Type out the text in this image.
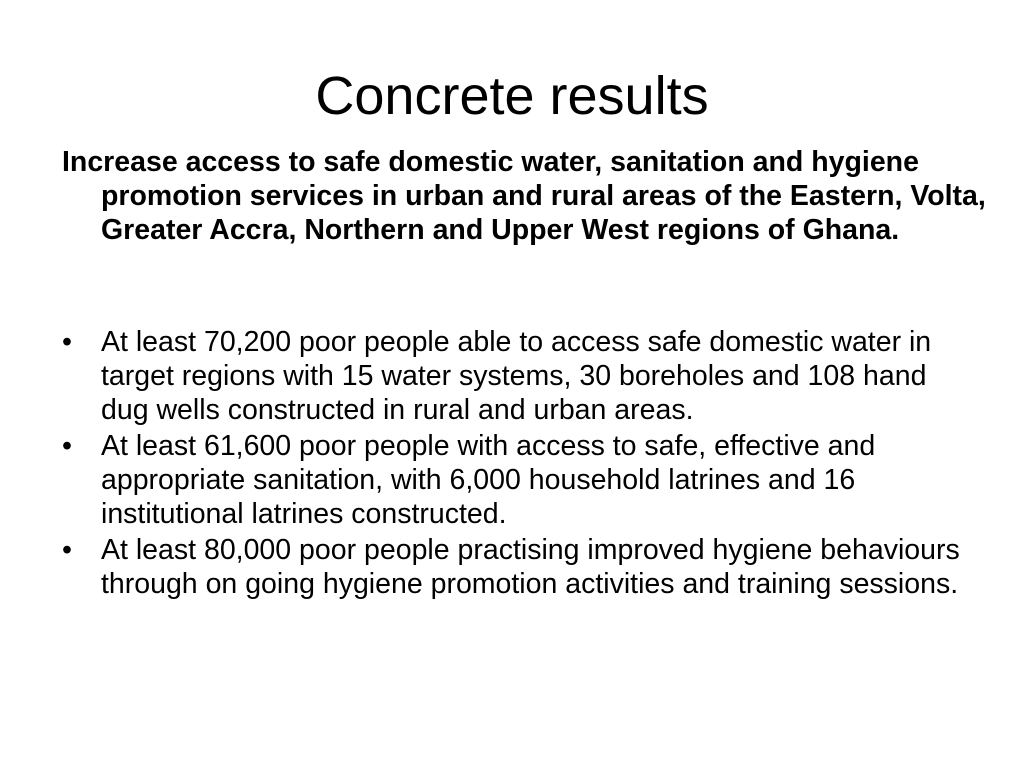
Concrete results

Increase access to safe domestic water, sanitation and hygiene promotion services in urban and rural areas of the Eastern, Volta, Greater Accra, Northern and Upper West regions of Ghana.

•	At least 70,200 poor people able to access safe domestic water in target regions with 15 water systems, 30 boreholes and 108 hand dug wells constructed in rural and urban areas.
•	At least 61,600 poor people with access to safe, effective and appropriate sanitation, with 6,000 household latrines and 16 institutional latrines constructed.
•	At least 80,000 poor people practising improved hygiene behaviours through on going hygiene promotion activities and training sessions.
